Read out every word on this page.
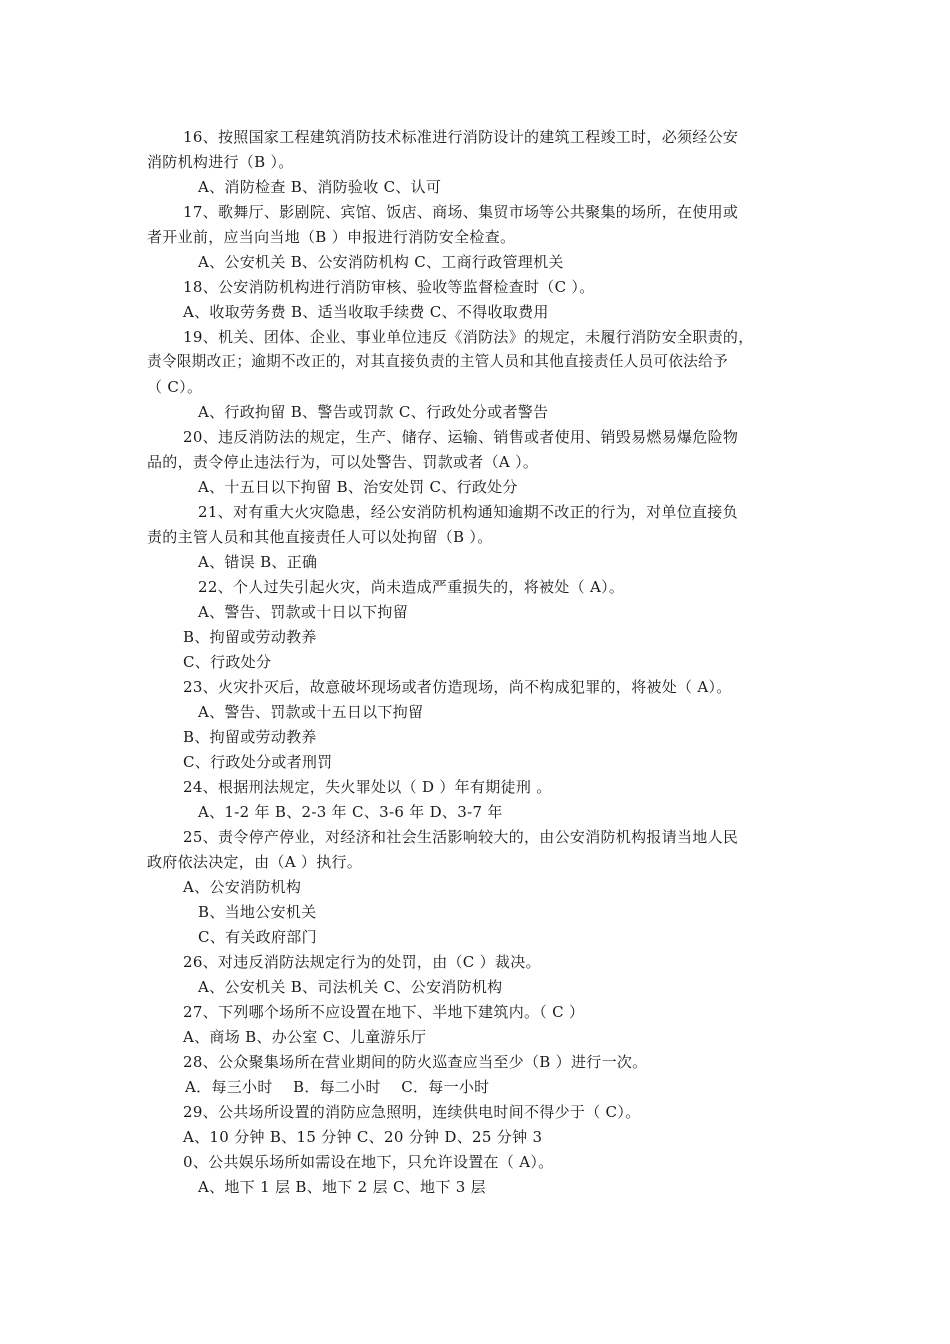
16、按照国家工程建筑消防技术标准进行消防设计的建筑工程竣工时，必须经公安
消防机构进行（B ）。
A、消防检查 B、消防验收 C、认可
17、歌舞厅、影剧院、宾馆、饭店、商场、集贸市场等公共聚集的场所，在使用或
者开业前，应当向当地（B ）申报进行消防安全检查。
A、公安机关 B、公安消防机构 C、工商行政管理机关
18、公安消防机构进行消防审核、验收等监督检查时（C ）。
A、收取劳务费 B、适当收取手续费 C、不得收取费用
19、机关、团体、企业、事业单位违反《消防法》的规定，未履行消防安全职责的，
责令限期改正；逾期不改正的，对其直接负责的主管人员和其他直接责任人员可依法给予
（ C）。
A、行政拘留 B、警告或罚款 C、行政处分或者警告
20、违反消防法的规定，生产、储存、运输、销售或者使用、销毁易燃易爆危险物
品的，责令停止违法行为，可以处警告、罚款或者（A ）。
A、十五日以下拘留 B、治安处罚 C、行政处分
21、对有重大火灾隐患，经公安消防机构通知逾期不改正的行为，对单位直接负
责的主管人员和其他直接责任人可以处拘留（B ）。
A、错误 B、正确
22、个人过失引起火灾，尚未造成严重损失的，将被处（ A）。
A、警告、罚款或十日以下拘留
B、拘留或劳动教养
C、行政处分
23、火灾扑灭后，故意破坏现场或者仿造现场，尚不构成犯罪的，将被处（ A）。
A、警告、罚款或十五日以下拘留
B、拘留或劳动教养
C、行政处分或者刑罚
24、根据刑法规定，失火罪处以（ D ）年有期徒刑 。
A、1-2 年 B、2-3 年 C、3-6 年 D、3-7 年
25、责令停产停业，对经济和社会生活影响较大的，由公安消防机构报请当地人民
政府依法决定，由（A ）执行。
A、公安消防机构
B、当地公安机关
C、有关政府部门
26、对违反消防法规定行为的处罚，由（C ）裁决。
A、公安机关 B、司法机关 C、公安消防机构
27、下列哪个场所不应设置在地下、半地下建筑内。（ C ）
A、商场 B、办公室 C、儿童游乐厅
28、公众聚集场所在营业期间的防火巡查应当至少（B ）进行一次。
A．每三小时　 B．每二小时　 C．每一小时
29、公共场所设置的消防应急照明，连续供电时间不得少于（ C）。
A、10 分钟 B、15 分钟 C、20 分钟 D、25 分钟 3
0、公共娱乐场所如需设在地下，只允许设置在（ A）。
A、地下 1 层 B、地下 2 层 C、地下 3 层
